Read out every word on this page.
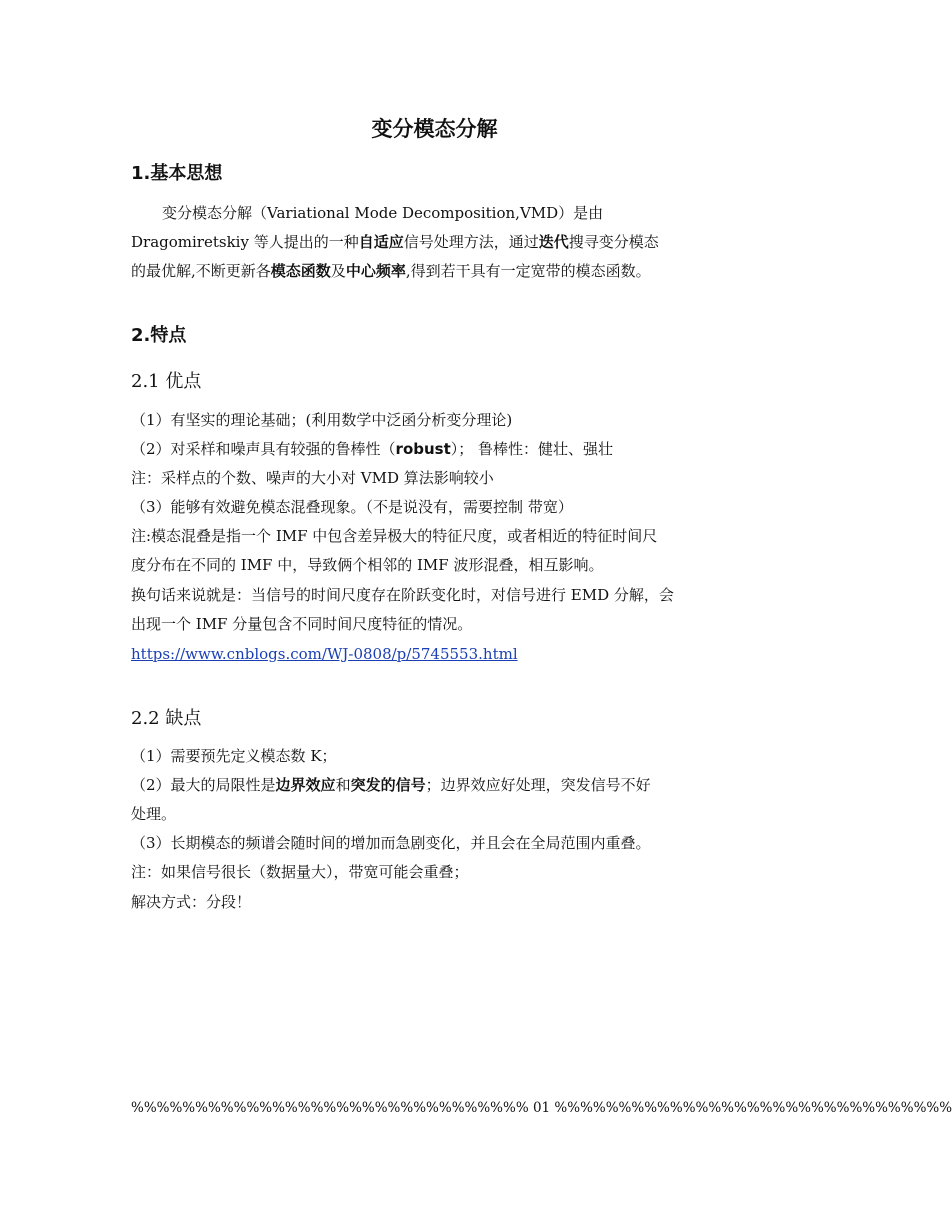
变分模态分解
1.基本思想
变分模态分解（Variational Mode Decomposition,VMD）是由
Dragomiretskiy 等人提出的一种自适应信号处理方法，通过迭代搜寻变分模态
的最优解,不断更新各模态函数及中心频率,得到若干具有一定宽带的模态函数。
2.特点
2.1 优点
（1）有坚实的理论基础；(利用数学中泛函分析变分理论)
（2）对采样和噪声具有较强的鲁棒性（robust）； 鲁棒性：健壮、强壮
注：采样点的个数、噪声的大小对 VMD 算法影响较小
（3）能够有效避免模态混叠现象。（不是说没有，需要控制 带宽）
注:模态混叠是指一个 IMF 中包含差异极大的特征尺度，或者相近的特征时间尺
度分布在不同的 IMF 中，导致俩个相邻的 IMF 波形混叠，相互影响。
换句话来说就是：当信号的时间尺度存在阶跃变化时，对信号进行 EMD 分解，会
出现一个 IMF 分量包含不同时间尺度特征的情况。
https://www.cnblogs.com/WJ-0808/p/5745553.html
2.2 缺点
（1）需要预先定义模态数 K；
（2）最大的局限性是边界效应和突发的信号；边界效应好处理，突发信号不好
处理。
（3）长期模态的频谱会随时间的增加而急剧变化，并且会在全局范围内重叠。
注：如果信号很长（数据量大），带宽可能会重叠；
解决方式：分段！
%%%%%%%%%%%%%%%%%%%%%%%%%%%%%%% 01 %%%%%%%%%%%%%%%%%%%%%%%%%%%%%%%
